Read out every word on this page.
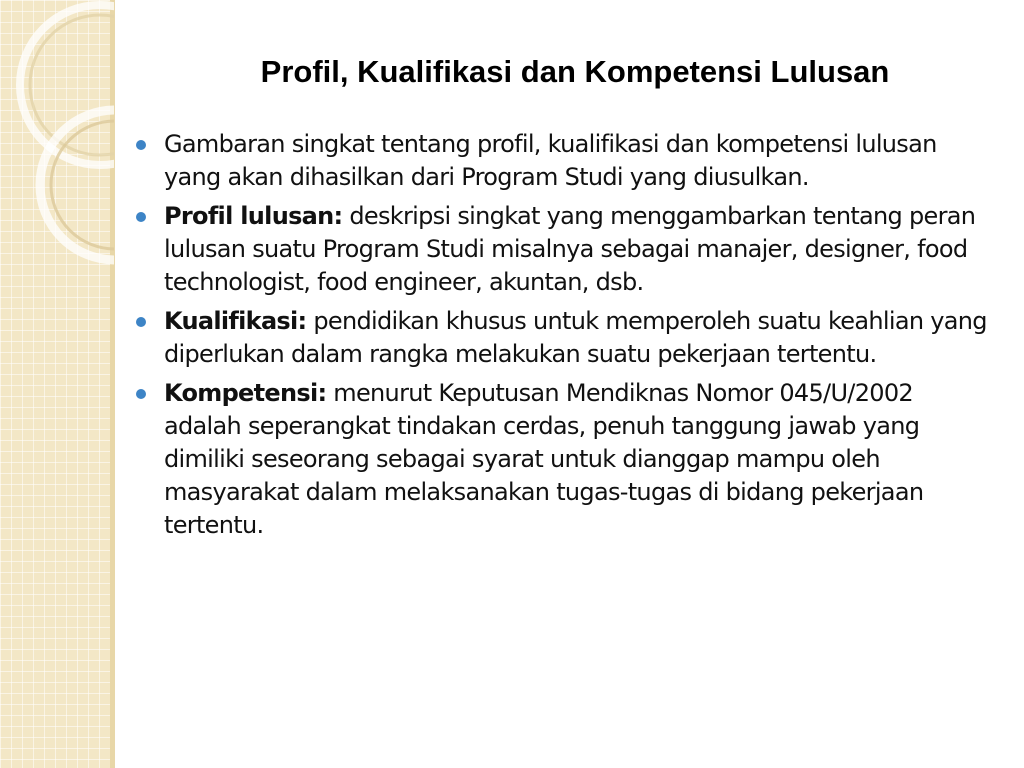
Profil, Kualifikasi dan Kompetensi Lulusan
Gambaran singkat tentang profil, kualifikasi dan kompetensi lulusan yang akan dihasilkan dari Program Studi yang diusulkan.
Profil lulusan: deskripsi singkat yang menggambarkan tentang peran lulusan suatu Program Studi misalnya sebagai manajer, designer, food technologist, food engineer, akuntan, dsb.
Kualifikasi: pendidikan khusus untuk memperoleh suatu keahlian yang diperlukan dalam rangka melakukan suatu pekerjaan tertentu.
Kompetensi: menurut Keputusan Mendiknas Nomor 045/U/2002 adalah seperangkat tindakan cerdas, penuh tanggung jawab yang dimiliki seseorang sebagai syarat untuk dianggap mampu oleh masyarakat dalam melaksanakan tugas-tugas di bidang pekerjaan tertentu.
